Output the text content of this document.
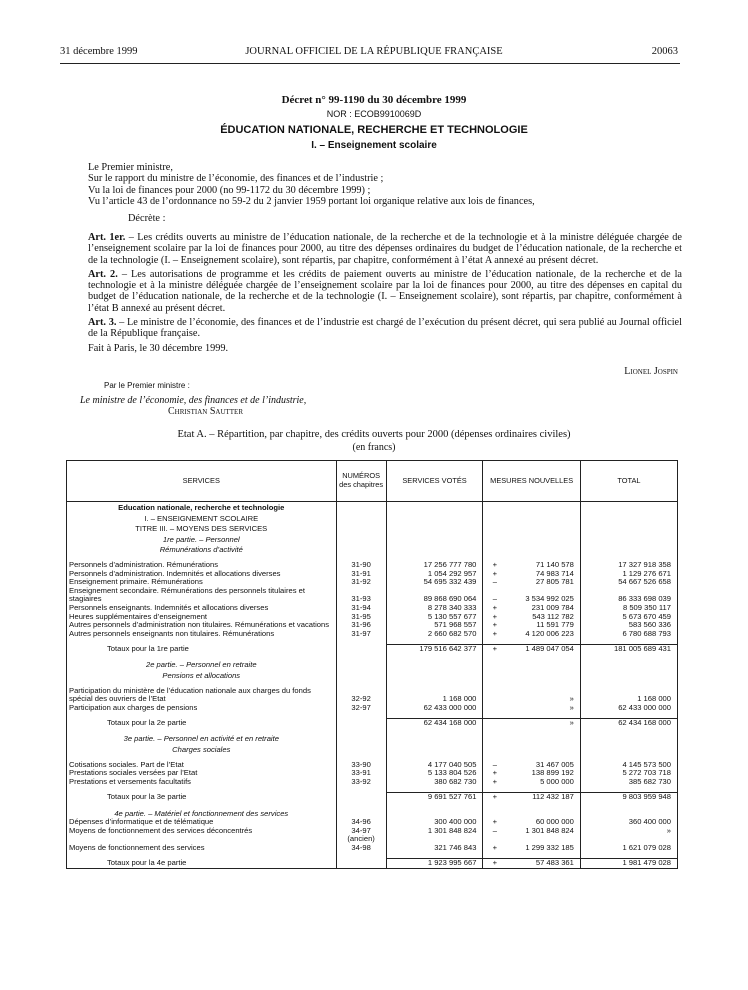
31 décembre 1999	JOURNAL OFFICIEL DE LA RÉPUBLIQUE FRANÇAISE	20063
Décret n° 99-1190 du 30 décembre 1999
NOR : ECOB9910069D
ÉDUCATION NATIONALE, RECHERCHE ET TECHNOLOGIE
I. – Enseignement scolaire

Le Premier ministre,

Sur le rapport du ministre de l’économie, des finances et de l’industrie ;

Vu la loi de finances pour 2000 (no 99-1172 du 30 décembre 1999) ;

Vu l’article 43 de l’ordonnance no 59-2 du 2 janvier 1959 portant loi organique relative aux lois de finances,

Décrète :

Art. 1er. – Les crédits ouverts au ministre de l’éducation nationale, de la recherche et de la technologie et à la ministre déléguée chargée de l’enseignement scolaire par la loi de finances pour 2000, au titre des dépenses ordinaires du budget de l’éducation nationale, de la recherche et de la technologie (I. – Enseignement scolaire), sont répartis, par chapitre, conformément à l’état A annexé au présent décret.

Art. 2. – Les autorisations de programme et les crédits de paiement ouverts au ministre de l’éducation nationale, de la recherche et de la technologie et à la ministre déléguée chargée de l’enseignement scolaire par la loi de finances pour 2000, au titre des dépenses en capital du budget de l’éducation nationale, de la recherche et de la technologie (I. – Enseignement scolaire), sont répartis, par chapitre, conformément à l’état B annexé au présent décret.

Art. 3. – Le ministre de l’économie, des finances et de l’industrie est chargé de l’exécution du présent décret, qui sera publié au Journal officiel de la République française.

Fait à Paris, le 30 décembre 1999.

Lionel Jospin
Par le Premier ministre :
Le ministre de l’économie, des finances et de l’industrie,
Christian Sautter
Etat A. – Répartition, par chapitre, des crédits ouverts pour 2000 (dépenses ordinaires civiles)
(en francs)
SERVICES	NUMÉROS des chapitres	SERVICES VOTÉS	MESURES NOUVELLES		TOTAL
Education nationale, recherche et technologie					
I. – ENSEIGNEMENT SCOLAIRE					
TITRE III. – MOYENS DES SERVICES					
1re partie. – Personnel					
Rémunérations d’activité					

Personnels d’administration. Rémunérations	31-90	17 256 777 780	+	71 140 578	17 327 918 358
Personnels d’administration. Indemnités et allocations diverses	31-91	1 054 292 957	+	74 983 714	1 129 276 671
Enseignement primaire. Rémunérations	31-92	54 695 332 439	–	27 805 781	54 667 526 658
Enseignement secondaire. Rémunérations des personnels titulaires et stagiaires	31-93	89 868 690 064	–	3 534 992 025	86 333 698 039
Personnels enseignants. Indemnités et allocations diverses	31-94	8 278 340 333	+	231 009 784	8 509 350 117
Heures supplémentaires d’enseignement	31-95	5 130 557 677	+	543 112 782	5 673 670 459
Autres personnels d’administration non titulaires. Rémunérations et vacations	31-96	571 968 557	+	11 591 779	583 560 336
Autres personnels enseignants non titulaires. Rémunérations	31-97	2 660 682 570	+	4 120 006 223	6 780 688 793

Totaux pour la 1re partie		179 516 642 377	+	1 489 047 054	181 005 689 431

2e partie. – Personnel en retraite					
Pensions et allocations					

Participation du ministère de l’éducation nationale aux charges du fonds spécial des ouvriers de l’Etat	32-92	1 168 000		»	1 168 000
Participation aux charges de pensions	32-97	62 433 000 000		»	62 433 000 000

Totaux pour la 2e partie		62 434 168 000		»	62 434 168 000

3e partie. – Personnel en activité et en retraite					
Charges sociales					

Cotisations sociales. Part de l’Etat	33-90	4 177 040 505	–	31 467 005	4 145 573 500
Prestations sociales versées par l’Etat	33-91	5 133 804 526	+	138 899 192	5 272 703 718
Prestations et versements facultatifs	33-92	380 682 730	+	5 000 000	385 682 730

Totaux pour la 3e partie		9 691 527 761	+	112 432 187	9 803 959 948

4e partie. – Matériel et fonctionnement des services					
Dépenses d’informatique et de télématique	34-96	300 400 000	+	60 000 000	360 400 000
Moyens de fonctionnement des services déconcentrés	34-97	1 301 848 824	–	1 301 848 824	»
	(ancien)				
Moyens de fonctionnement des services	34-98	321 746 843	+	1 299 332 185	1 621 079 028

Totaux pour la 4e partie		1 923 995 667	+	57 483 361	1 981 479 028
